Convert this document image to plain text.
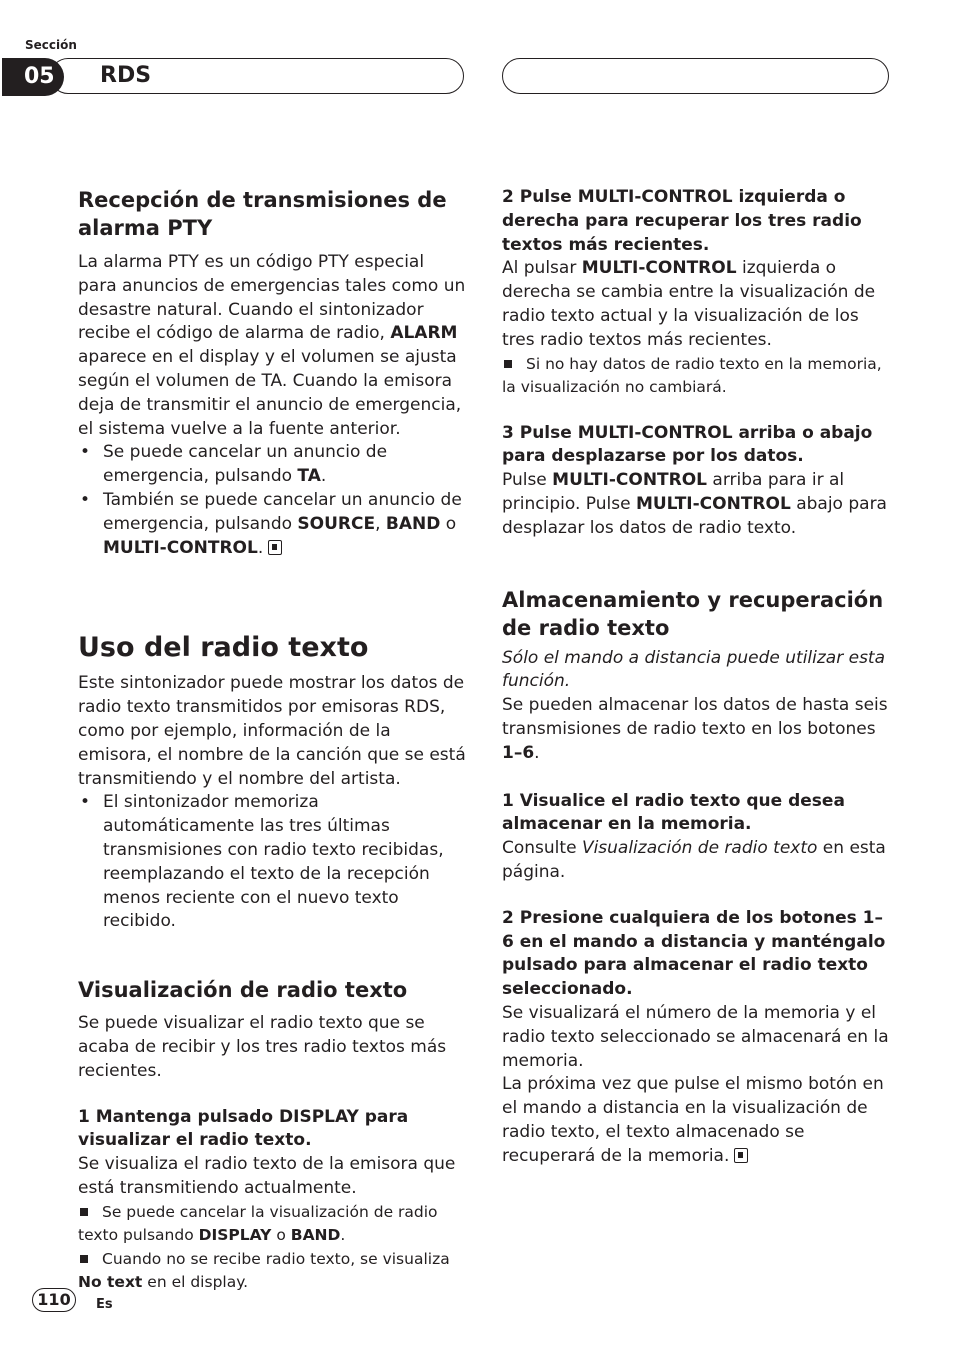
Sección
05	RDS
Recepción de transmisiones de alarma PTY

La alarma PTY es un código PTY especial para anuncios de emergencias tales como un desastre natural. Cuando el sintonizador recibe el código de alarma de radio, ALARM aparece en el display y el volumen se ajusta según el volumen de TA. Cuando la emisora deja de transmitir el anuncio de emergencia, el sistema vuelve a la fuente anterior.

• Se puede cancelar un anuncio de emergencia, pulsando TA.

• También se puede cancelar un anuncio de emergencia, pulsando SOURCE, BAND o MULTI-CONTROL.

Uso del radio texto

Este sintonizador puede mostrar los datos de radio texto transmitidos por emisoras RDS, como por ejemplo, información de la emisora, el nombre de la canción que se está transmitiendo y el nombre del artista.

• El sintonizador memoriza automáticamente las tres últimas transmisiones con radio texto recibidas, reemplazando el texto de la recepción menos reciente con el nuevo texto recibido.

Visualización de radio texto

Se puede visualizar el radio texto que se acaba de recibir y los tres radio textos más recientes.

1 Mantenga pulsado DISPLAY para visualizar el radio texto.

Se visualiza el radio texto de la emisora que está transmitiendo actualmente.

Se puede cancelar la visualización de radio texto pulsando DISPLAY o BAND.

Cuando no se recibe radio texto, se visualiza No text en el display.

2 Pulse MULTI-CONTROL izquierda o derecha para recuperar los tres radio textos más recientes.

Al pulsar MULTI-CONTROL izquierda o derecha se cambia entre la visualización de radio texto actual y la visualización de los tres radio textos más recientes.

Si no hay datos de radio texto en la memoria, la visualización no cambiará.

3 Pulse MULTI-CONTROL arriba o abajo para desplazarse por los datos.

Pulse MULTI-CONTROL arriba para ir al principio. Pulse MULTI-CONTROL abajo para desplazar los datos de radio texto.

Almacenamiento y recuperación de radio texto

Sólo el mando a distancia puede utilizar esta función.

Se pueden almacenar los datos de hasta seis transmisiones de radio texto en los botones 1–6.

1 Visualice el radio texto que desea almacenar en la memoria.

Consulte Visualización de radio texto en esta página.

2 Presione cualquiera de los botones 1–6 en el mando a distancia y manténgalo pulsado para almacenar el radio texto seleccionado.

Se visualizará el número de la memoria y el radio texto seleccionado se almacenará en la memoria.

La próxima vez que pulse el mismo botón en el mando a distancia en la visualización de radio texto, el texto almacenado se recuperará de la memoria.

110	Es
